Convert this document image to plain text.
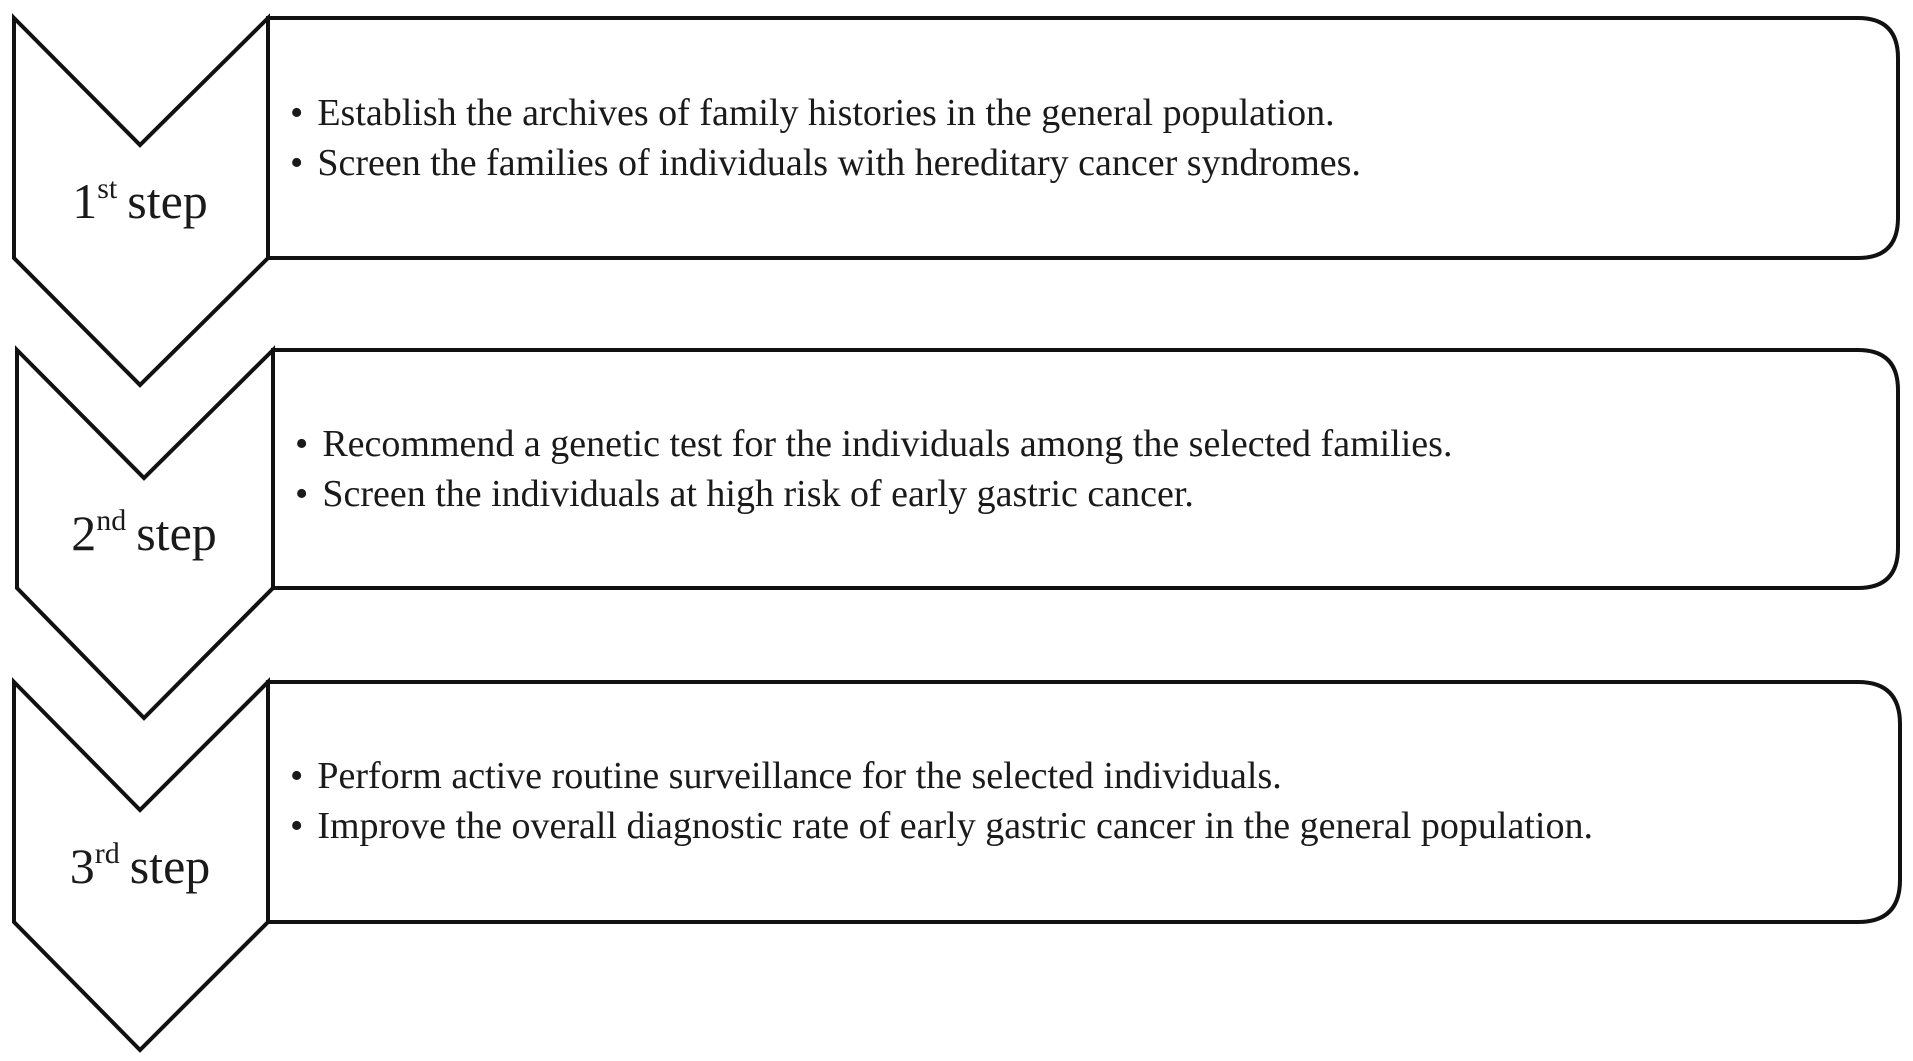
1st step
• Establish the archives of family histories in the general population.
• Screen the families of individuals with hereditary cancer syndromes.
2nd step
• Recommend a genetic test for the individuals among the selected families.
• Screen the individuals at high risk of early gastric cancer.
3rd step
• Perform active routine surveillance for the selected individuals.
• Improve the overall diagnostic rate of early gastric cancer in the general population.
